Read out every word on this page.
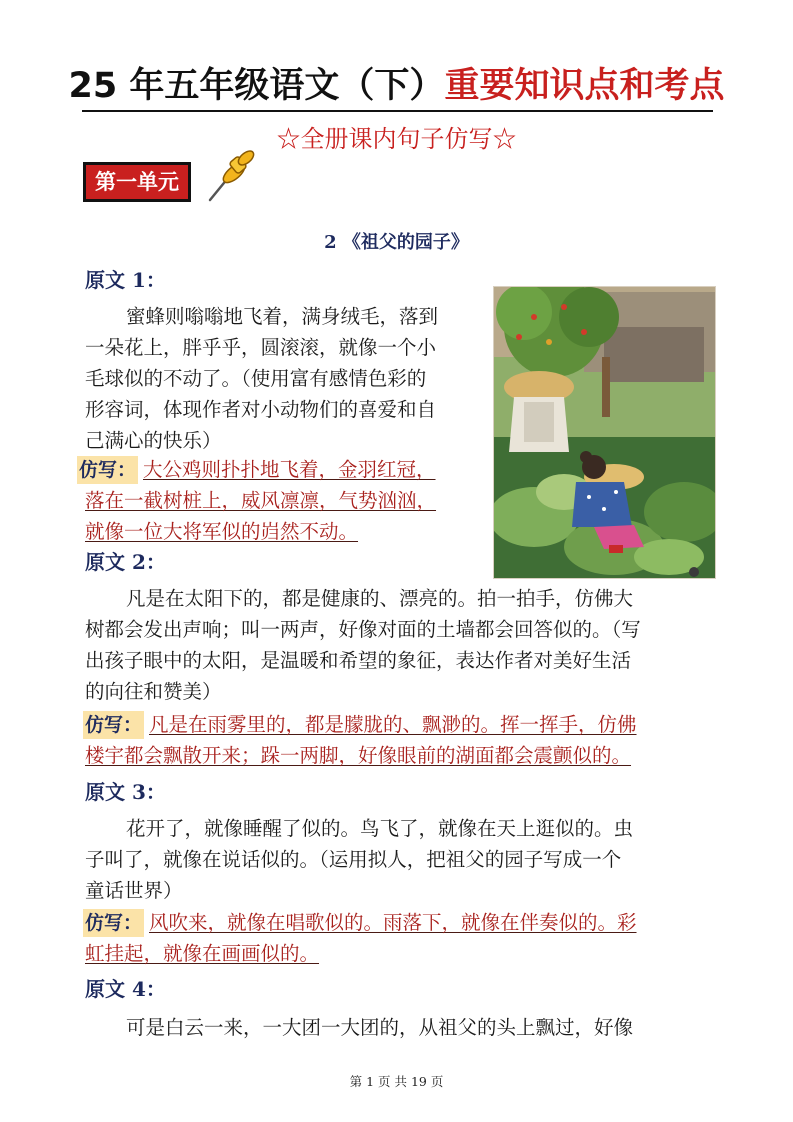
25 年五年级语文（下）重要知识点和考点
☆全册课内句子仿写☆
第一单元
2 《祖父的园子》
原文 1：
蜜蜂则嗡嗡地飞着，满身绒毛，落到
一朵花上，胖乎乎，圆滚滚，就像一个小
毛球似的不动了。（使用富有感情色彩的
形容词，体现作者对小动物们的喜爱和自
己满心的快乐）
仿写： 大公鸡则扑扑地飞着，金羽红冠，
落在一截树桩上，威风凛凛，气势汹汹，
就像一位大将军似的岿然不动。
原文 2：
凡是在太阳下的，都是健康的、漂亮的。拍一拍手，仿佛大
树都会发出声响；叫一两声，好像对面的土墙都会回答似的。（写
出孩子眼中的太阳，是温暖和希望的象征，表达作者对美好生活
的向往和赞美）
仿写： 凡是在雨雾里的，都是朦胧的、飘渺的。挥一挥手，仿佛
楼宇都会飘散开来；跺一两脚，好像眼前的湖面都会震颤似的。
原文 3：
花开了，就像睡醒了似的。鸟飞了，就像在天上逛似的。虫
子叫了，就像在说话似的。（运用拟人，把祖父的园子写成一个
童话世界）
仿写： 风吹来，就像在唱歌似的。雨落下，就像在伴奏似的。彩
虹挂起，就像在画画似的。
原文 4：
可是白云一来，一大团一大团的，从祖父的头上飘过，好像
第 1 页 共 19 页
